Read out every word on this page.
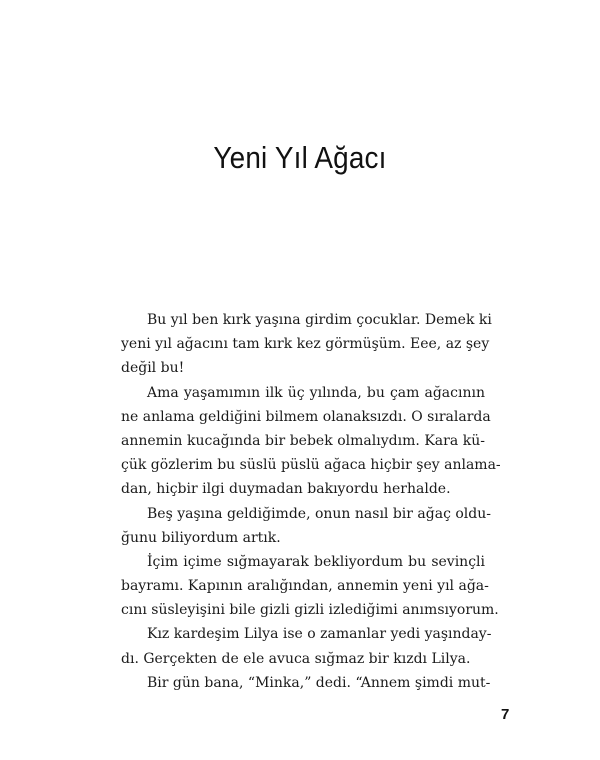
Yeni Yıl Ağacı
Bu yıl ben kırk yaşına girdim çocuklar. Demek ki
yeni yıl ağacını tam kırk kez görmüşüm. Eee, az şey
değil bu!
Ama yaşamımın ilk üç yılında, bu çam ağacının
ne anlama geldiğini bilmem olanaksızdı. O sıralarda
annemin kucağında bir bebek olmalıydım. Kara kü-
çük gözlerim bu süslü püslü ağaca hiçbir şey anlama-
dan, hiçbir ilgi duymadan bakıyordu herhalde.
Beş yaşına geldiğimde, onun nasıl bir ağaç oldu-
ğunu biliyordum artık.
İçim içime sığmayarak bekliyordum bu sevinçli
bayramı. Kapının aralığından, annemin yeni yıl ağa-
cını süsleyişini bile gizli gizli izlediğimi anımsıyorum.
Kız kardeşim Lilya ise o zamanlar yedi yaşınday-
dı. Gerçekten de ele avuca sığmaz bir kızdı Lilya.
Bir gün bana, “Minka,” dedi. “Annem şimdi mut-
7
